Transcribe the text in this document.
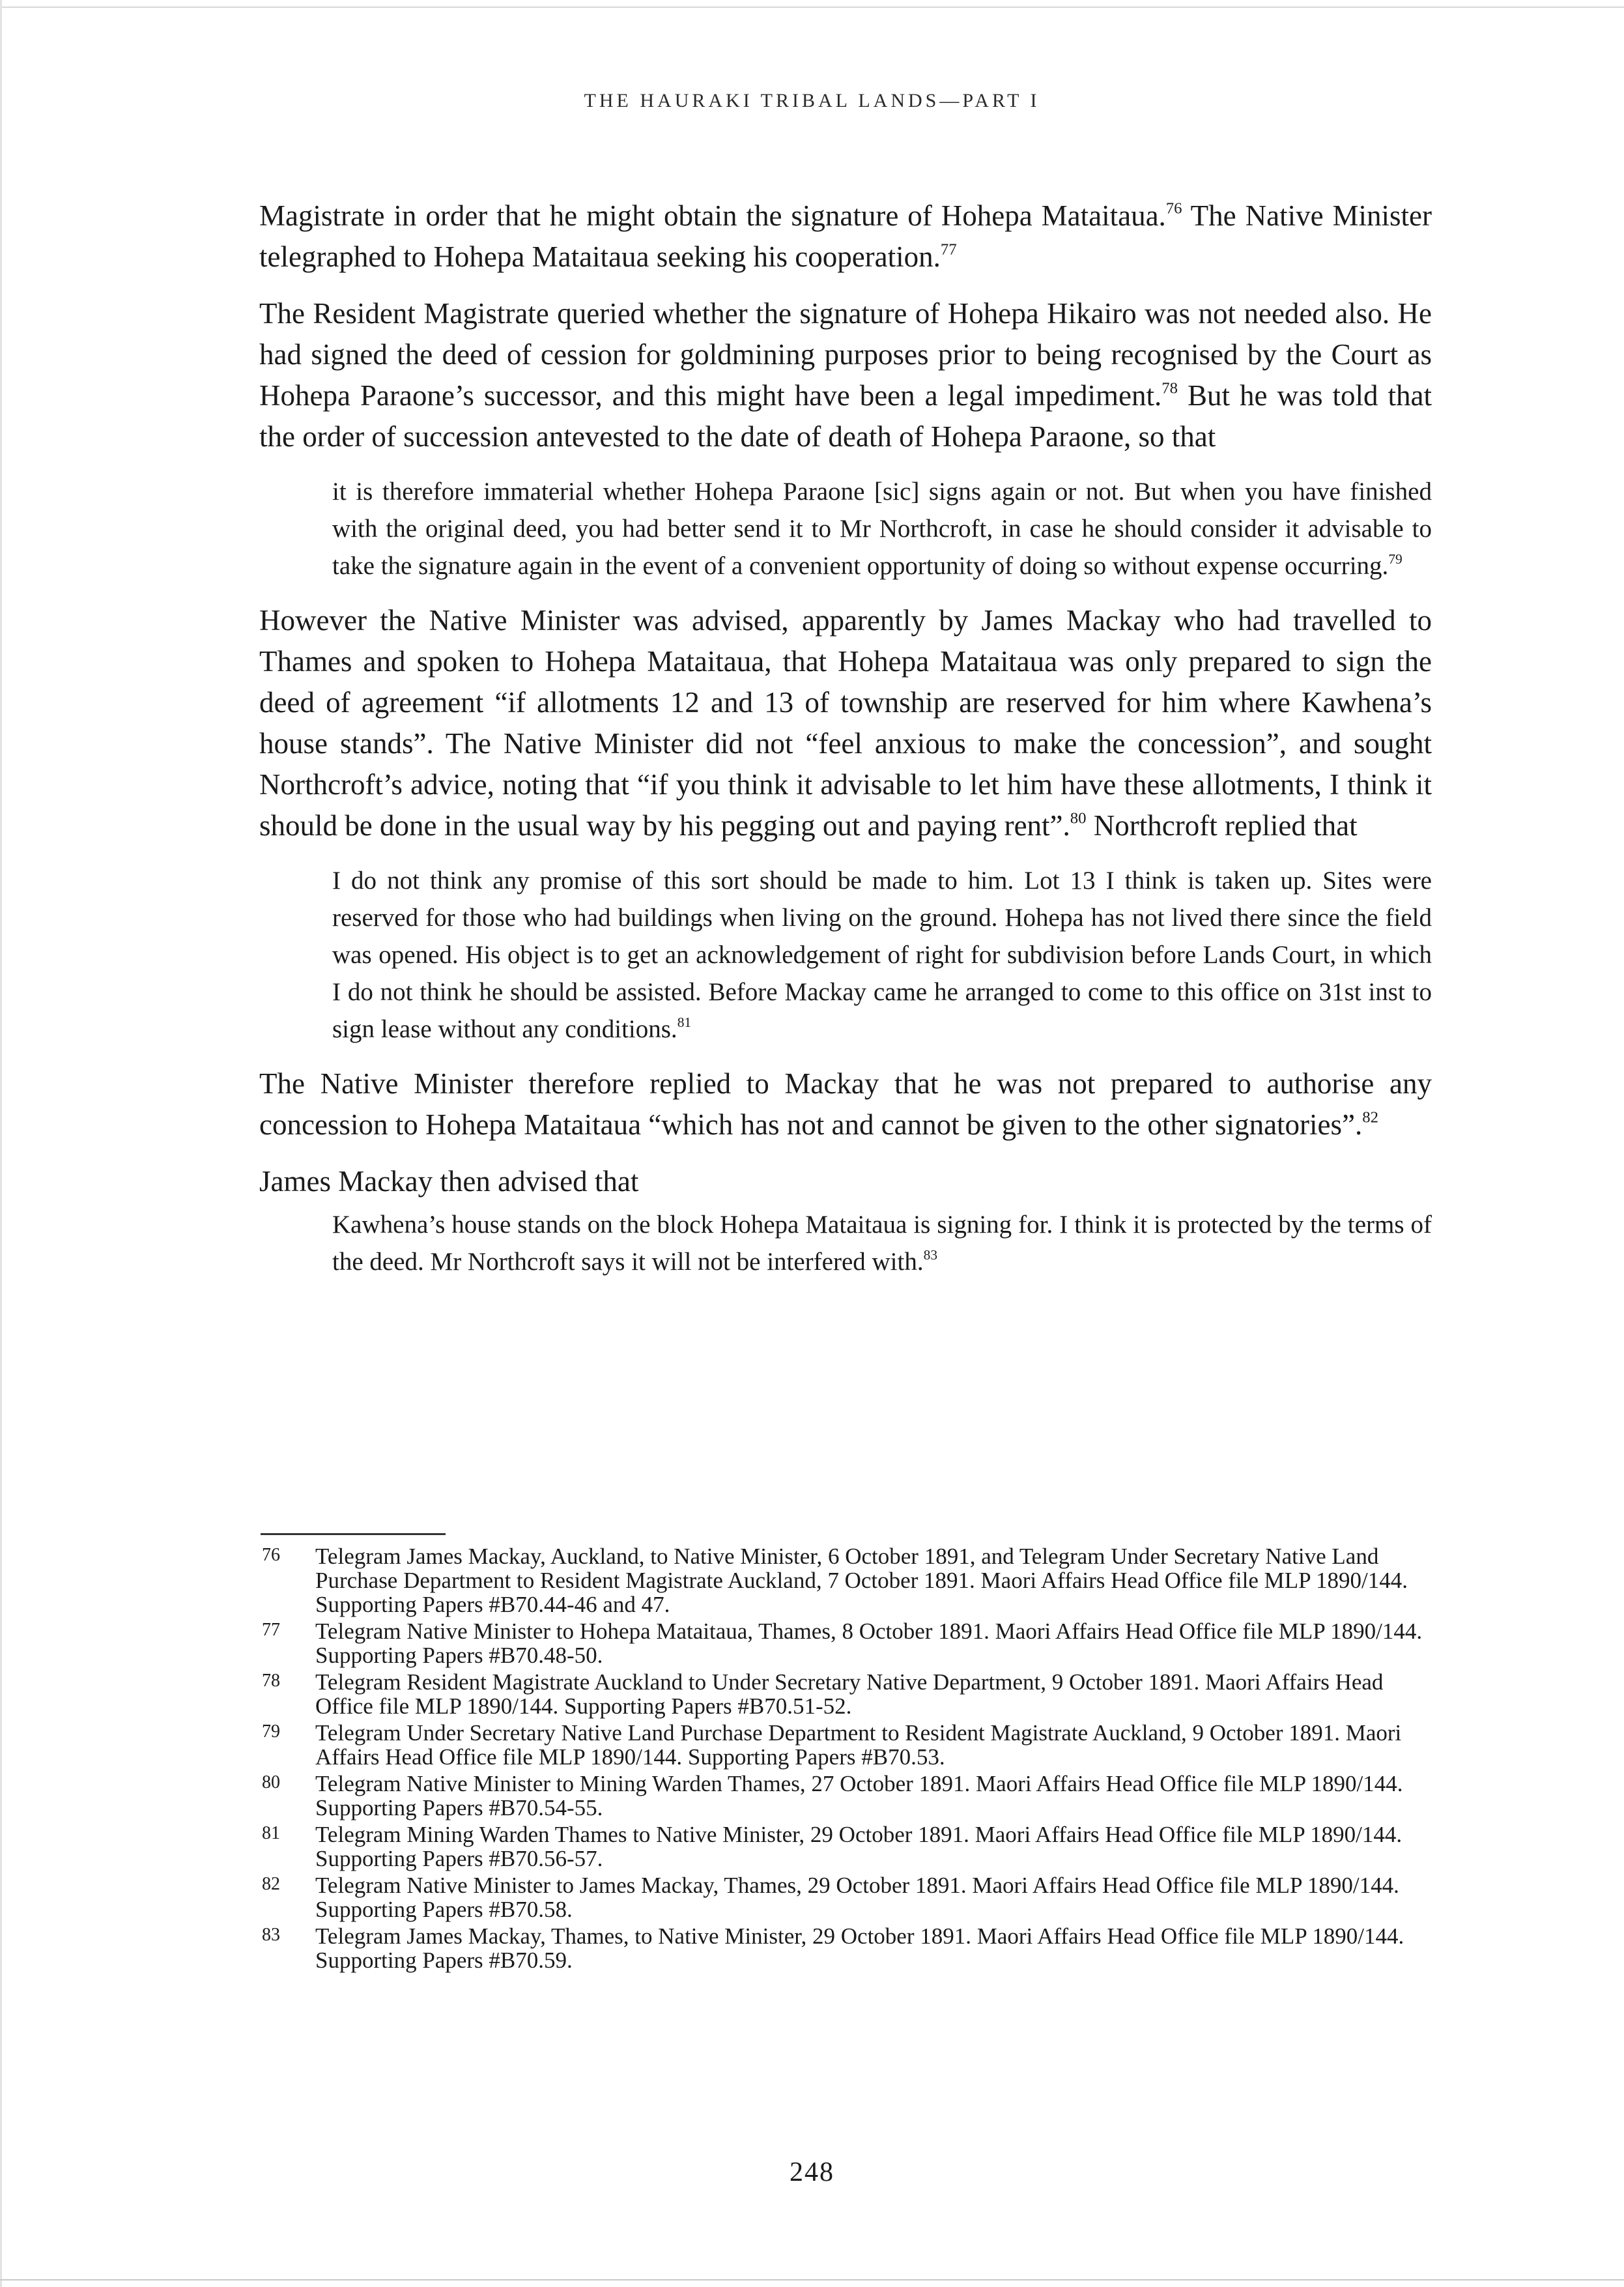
THE HAURAKI TRIBAL LANDS—PART I

Magistrate in order that he might obtain the signature of Hohepa Mataitaua.$^{76}$ The Native Minister telegraphed to Hohepa Mataitaua seeking his cooperation.$^{77}$

The Resident Magistrate queried whether the signature of Hohepa Hikairo was not needed also. He had signed the deed of cession for goldmining purposes prior to being recognised by the Court as Hohepa Paraone’s successor, and this might have been a legal impediment.$^{78}$ But he was told that the order of succession antevested to the date of death of Hohepa Paraone, so that

it is therefore immaterial whether Hohepa Paraone [sic] signs again or not. But when you have finished with the original deed, you had better send it to Mr Northcroft, in case he should consider it advisable to take the signature again in the event of a convenient opportunity of doing so without expense occurring.$^{79}$

However the Native Minister was advised, apparently by James Mackay who had travelled to Thames and spoken to Hohepa Mataitaua, that Hohepa Mataitaua was only prepared to sign the deed of agreement “if allotments 12 and 13 of township are reserved for him where Kawhena’s house stands”. The Native Minister did not “feel anxious to make the concession”, and sought Northcroft’s advice, noting that “if you think it advisable to let him have these allotments, I think it should be done in the usual way by his pegging out and paying rent”.$^{80}$ Northcroft replied that

I do not think any promise of this sort should be made to him. Lot 13 I think is taken up. Sites were reserved for those who had buildings when living on the ground. Hohepa has not lived there since the field was opened. His object is to get an acknowledgement of right for subdivision before Lands Court, in which I do not think he should be assisted. Before Mackay came he arranged to come to this office on 31st inst to sign lease without any conditions.$^{81}$

The Native Minister therefore replied to Mackay that he was not prepared to authorise any concession to Hohepa Mataitaua “which has not and cannot be given to the other signatories”.$^{82}$

James Mackay then advised that

Kawhena’s house stands on the block Hohepa Mataitaua is signing for. I think it is protected by the terms of the deed. Mr Northcroft says it will not be interfered with.$^{83}$

76 Telegram James Mackay, Auckland, to Native Minister, 6 October 1891, and Telegram Under Secretary Native Land Purchase Department to Resident Magistrate Auckland, 7 October 1891. Maori Affairs Head Office file MLP 1890/144. Supporting Papers #B70.44-46 and 47.
77 Telegram Native Minister to Hohepa Mataitaua, Thames, 8 October 1891. Maori Affairs Head Office file MLP 1890/144. Supporting Papers #B70.48-50.
78 Telegram Resident Magistrate Auckland to Under Secretary Native Department, 9 October 1891. Maori Affairs Head Office file MLP 1890/144. Supporting Papers #B70.51-52.
79 Telegram Under Secretary Native Land Purchase Department to Resident Magistrate Auckland, 9 October 1891. Maori Affairs Head Office file MLP 1890/144. Supporting Papers #B70.53.
80 Telegram Native Minister to Mining Warden Thames, 27 October 1891. Maori Affairs Head Office file MLP 1890/144. Supporting Papers #B70.54-55.
81 Telegram Mining Warden Thames to Native Minister, 29 October 1891. Maori Affairs Head Office file MLP 1890/144. Supporting Papers #B70.56-57.
82 Telegram Native Minister to James Mackay, Thames, 29 October 1891. Maori Affairs Head Office file MLP 1890/144. Supporting Papers #B70.58.
83 Telegram James Mackay, Thames, to Native Minister, 29 October 1891. Maori Affairs Head Office file MLP 1890/144. Supporting Papers #B70.59.
248
